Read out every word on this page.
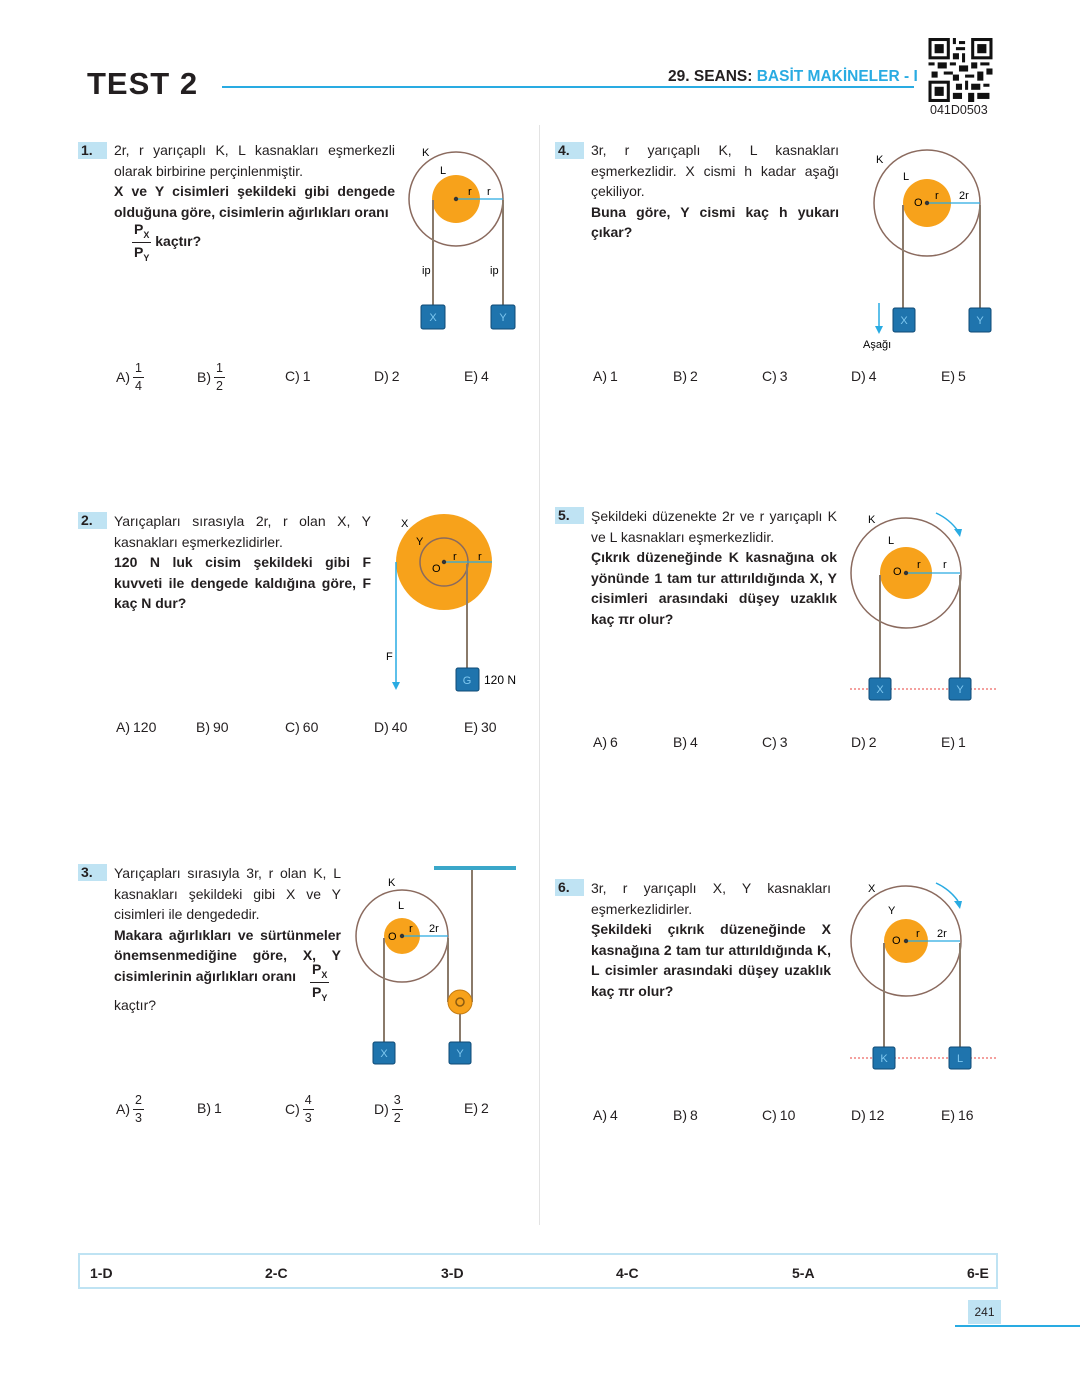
TEST 2	29. SEANS: BASİT MAKİNELER - I
041D0503
1.	2r, r yarıçaplı K, L kasnakları eşmerkezli olarak birbirine perçinlenmiştir.

X ve Y cisimleri şekildeki gibi dengede olduğuna göre, cisimlerin ağırlıkları oranı

$\frac{P_X}{P_Y}$ kaçtır?
K
L
r r
ip	ip
X	Y
$A) \frac{1}{4}$	$B) \frac{1}{2}$	C) 1	D) 2	E) 4
2.	Yarıçapları sırasıyla 2r, r olan X, Y kasnakları eşmerkezlidirler.

120 N luk cisim şekildeki gibi F kuvveti ile dengede kaldığına göre, F kaç N dur?

X
Y
O
r r
F
G 120 N
A) 120	B) 90	C) 60	D) 40	E) 30
3.	Yarıçapları sırasıyla 3r, r olan K, L kasnakları şekildeki gibi X ve Y cisimleri ile dengededir.

Makara ağırlıkları ve sürtünmeler önemsenmediğine göre, X, Y cisimlerinin ağırlıkları oranı $\frac{P_X}{P_Y}$
kaçtır?
K
L
O
r 2r
X	Y
$A) \frac{2}{3}$	B) 1	$C) \frac{4}{3}$	$D) \frac{3}{2}$	E) 2
4.	3r, r yarıçaplı K, L kasnakları eşmerkezlidir. X cismi h kadar aşağı çekiliyor.

Buna göre, Y cismi kaç h yukarı çıkar?

K
L
O
r 2r
X	Y
Aşağı
A) 1	B) 2	C) 3	D) 4	E) 5
5.	Şekildeki düzenekte 2r ve r yarıçaplı K ve L kasnakları eşmerkezlidir.

Çıkrık düzeneğinde K kasnağına ok yönünde 1 tam tur attırıldığında X, Y cisimleri arasındaki düşey uzaklık kaç πr olur?

K
L
O
r r
X	Y
A) 6	B) 4	C) 3	D) 2	E) 1
6.	3r, r yarıçaplı X, Y kasnakları eşmerkezlidirler.

Şekildeki çıkrık düzeneğinde X kasnağına 2 tam tur attırıldığında K, L cisimler arasındaki düşey uzaklık kaç πr olur?

X
Y
O
r 2r
K	L
A) 4	B) 8	C) 10	D) 12	E) 16
1-D	2-C	3-D	4-C	5-A	6-E
241
